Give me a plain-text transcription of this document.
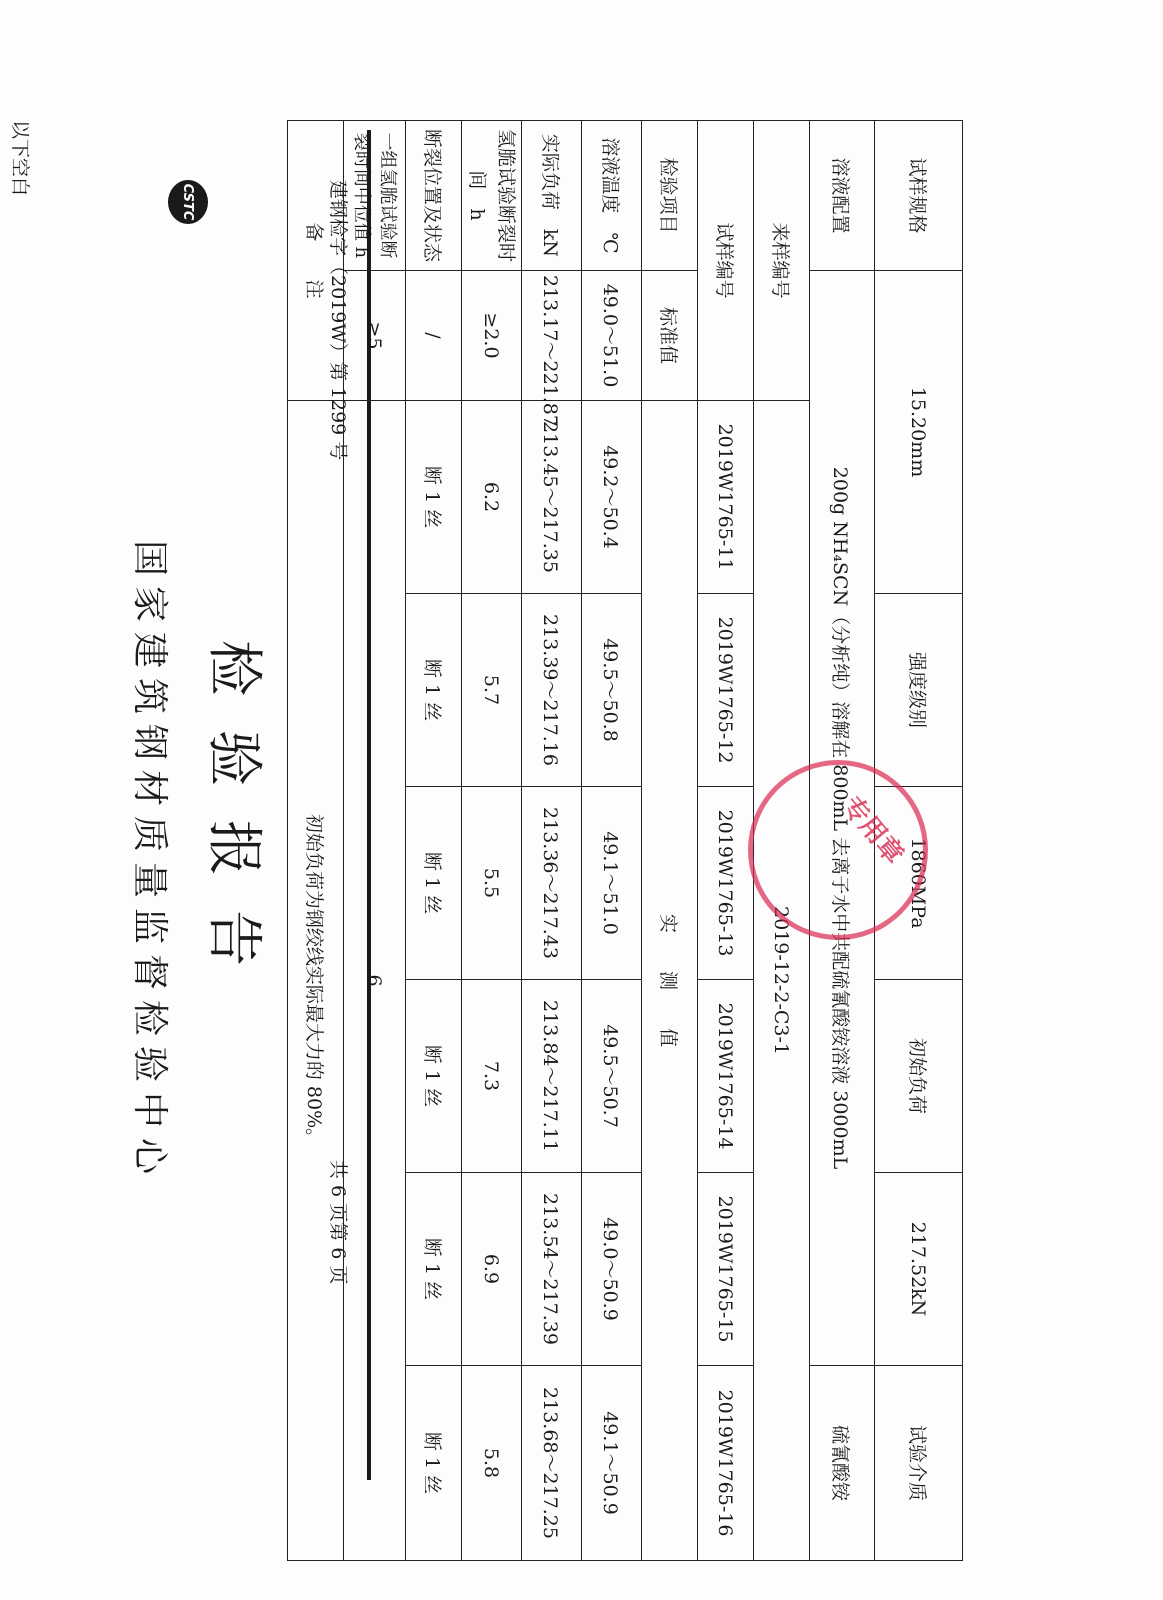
CSTC
国家建筑钢材质量监督检验中心 检验报告
建钢检字（2019W）第 1299 号
共 6 页第 6 页
试样规格	15.20mm		强度级别	1860MPa	初始负荷	217.52kN	试验介质

溶液配置	200g NH₄SCN（分析纯）溶解在 800mL 去离子水中共配硫氰酸铵溶液 3000mL						硫氰酸铵
来样编号		2019-12-2-C3-1					
试样编号		2019W1765-11	2019W1765-12	2019W1765-13	2019W1765-14	2019W1765-15	2019W1765-16
检验项目	标准值	实　　测　　值					
溶液温度　℃	49.0～51.0	49.2～50.4	49.5～50.8	49.1～51.0	49.5～50.7	49.0～50.9	49.1～50.9
实际负荷　kN	213.17～221.87	213.45～217.35	213.39～217.16	213.36～217.43	213.84～217.11	213.54～217.39	213.68～217.25
氢脆试验断裂时间　h	≥2.0	6.2	5.7	5.5	7.3	6.9	5.8
断裂位置及状态	/	断 1 丝	断 1 丝	断 1 丝	断 1 丝	断 1 丝	断 1 丝
一组氢脆试验断裂时间中位值 h	≥5	6					
备　　注		初始负荷为钢绞线实际最大力的 80%。					
以下空白
专用章
